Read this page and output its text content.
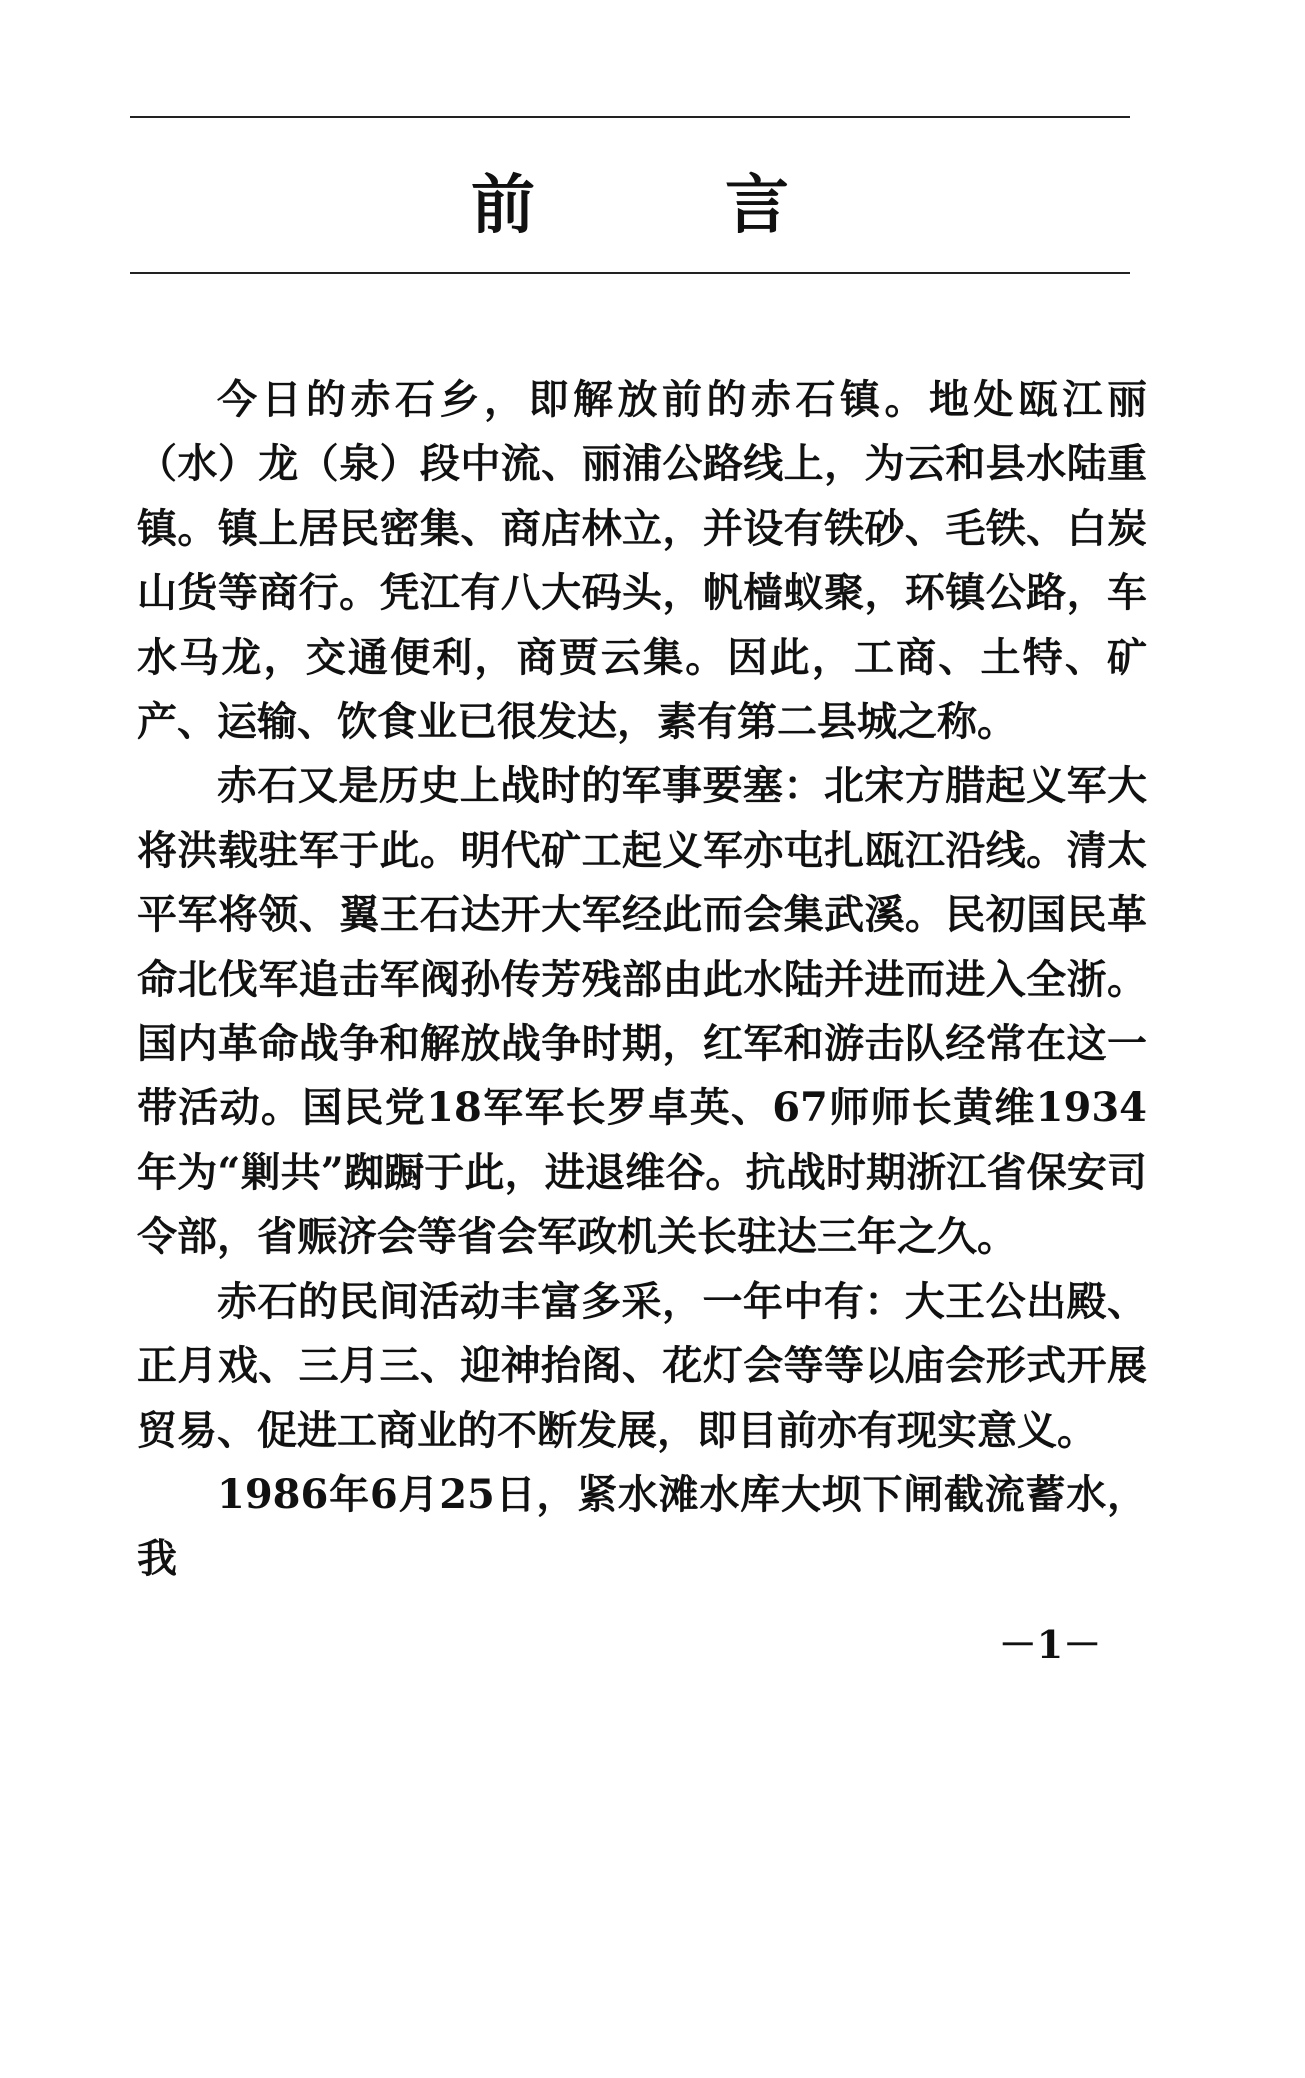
前	言

今日的赤石乡，即解放前的赤石镇。地处瓯江丽（水）龙（泉）段中流、丽浦公路线上，为云和县水陆重镇。镇上居民密集、商店林立，并设有铁砂、毛铁、白炭山货等商行。凭江有八大码头，帆樯蚁聚，环镇公路，车水马龙，交通便利，商贾云集。因此，工商、土特、矿产、运输、饮食业已很发达，素有第二县城之称。

赤石又是历史上战时的军事要塞：北宋方腊起义军大将洪载驻军于此。明代矿工起义军亦屯扎瓯江沿线。清太平军将领、翼王石达开大军经此而会集武溪。民初国民革命北伐军追击军阀孙传芳残部由此水陆并进而进入全浙。国内革命战争和解放战争时期，红军和游击队经常在这一带活动。国民党18军军长罗卓英、67师师长黄维1934年为“剿共”踟蹰于此，进退维谷。抗战时期浙江省保安司令部，省赈济会等省会军政机关长驻达三年之久。

赤石的民间活动丰富多采，一年中有：大王公出殿、正月戏、三月三、迎神抬阁、花灯会等等以庙会形式开展贸易、促进工商业的不断发展，即目前亦有现实意义。

1986年6月25日，紧水滩水库大坝下闸截流蓄水，我

－1－
